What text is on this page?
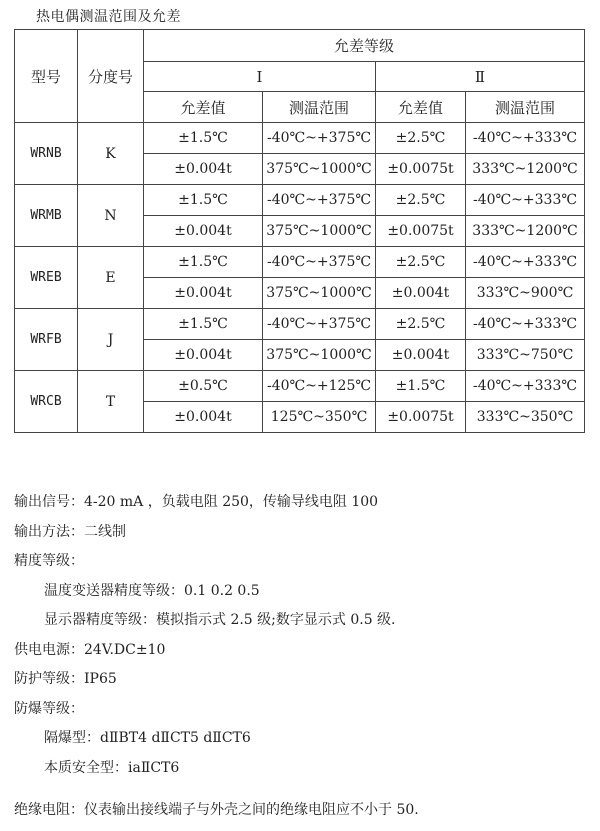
热电偶测温范围及允差
型号	分度号	允差等级			
		Ⅰ		Ⅱ	
		允差值	测温范围	允差值	测温范围
WRNB	K	±1.5℃	-40℃~+375℃	±2.5℃	-40℃~+333℃
		±0.004t	375℃~1000℃	±0.0075t	333℃~1200℃
WRMB	N	±1.5℃	-40℃~+375℃	±2.5℃	-40℃~+333℃
		±0.004t	375℃~1000℃	±0.0075t	333℃~1200℃
WREB	E	±1.5℃	-40℃~+375℃	±2.5℃	-40℃~+333℃
		±0.004t	375℃~1000℃	±0.004t	333℃~900℃
WRFB	J	±1.5℃	-40℃~+375℃	±2.5℃	-40℃~+333℃
		±0.004t	375℃~1000℃	±0.004t	333℃~750℃
WRCB	T	±0.5℃	-40℃~+125℃	±1.5℃	-40℃~+333℃
		±0.004t	125℃~350℃	±0.0075t	333℃~350℃
输出信号：4-20 mA ，负载电阻 250，传输导线电阻 100
输出方法：二线制
精度等级：
温度变送器精度等级：0.1 0.2 0.5
显示器精度等级：模拟指示式 2.5 级;数字显示式 0.5 级.
供电电源：24V.DC±10
防护等级：IP65
防爆等级：
隔爆型：dⅡBT4 dⅡCT5 dⅡCT6
本质安全型：iaⅡCT6
绝缘电阻：仪表输出接线端子与外壳之间的绝缘电阻应不小于 50.
